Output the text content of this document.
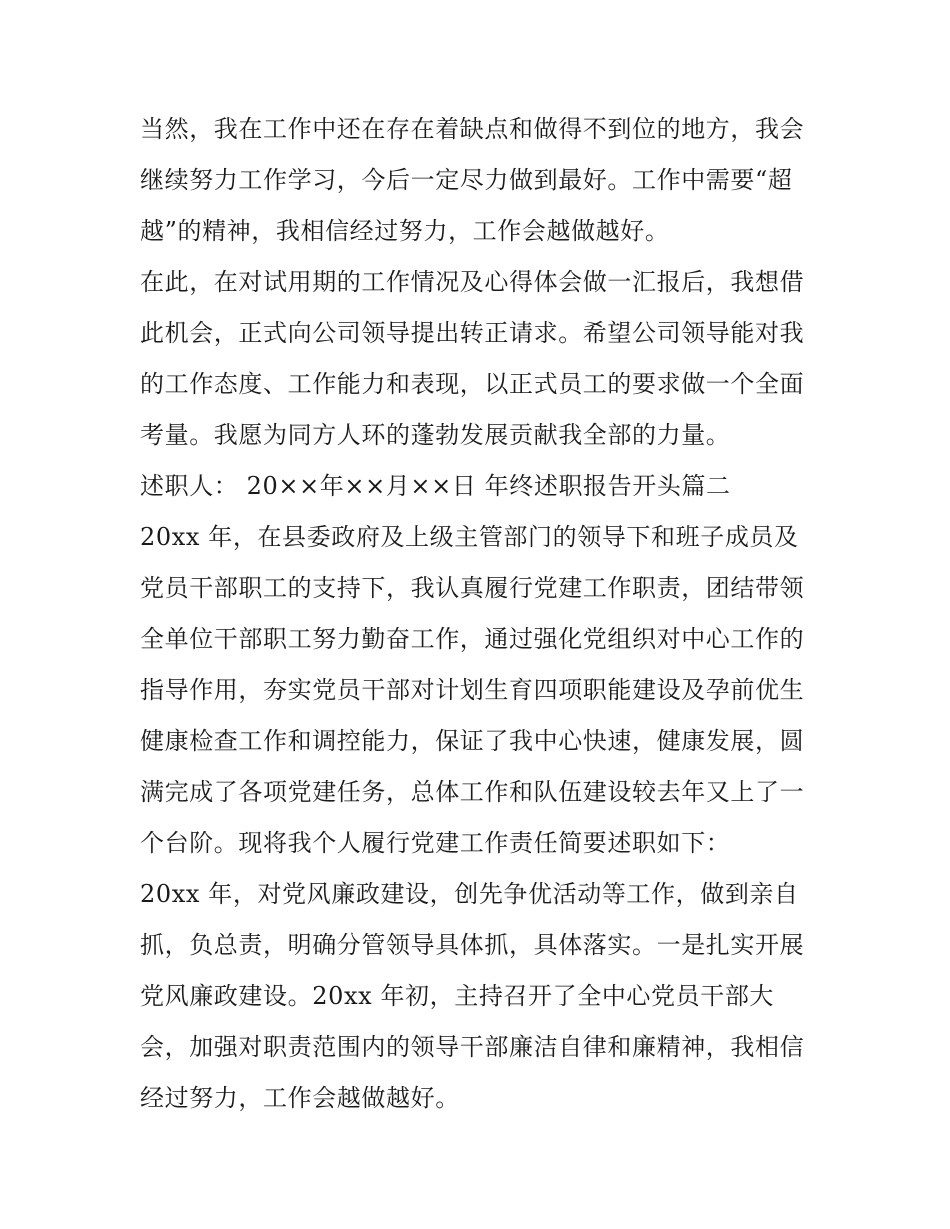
当然，我在工作中还在存在着缺点和做得不到位的地方，我会
继续努力工作学习，今后一定尽力做到最好。工作中需要“超
越”的精神，我相信经过努力，工作会越做越好。
在此，在对试用期的工作情况及心得体会做一汇报后，我想借
此机会，正式向公司领导提出转正请求。希望公司领导能对我
的工作态度、工作能力和表现，以正式员工的要求做一个全面
考量。我愿为同方人环的蓬勃发展贡献我全部的力量。
述职人： 20××年××月××日 年终述职报告开头篇二
20xx 年，在县委政府及上级主管部门的领导下和班子成员及
党员干部职工的支持下，我认真履行党建工作职责，团结带领
全单位干部职工努力勤奋工作，通过强化党组织对中心工作的
指导作用，夯实党员干部对计划生育四项职能建设及孕前优生
健康检查工作和调控能力，保证了我中心快速，健康发展，圆
满完成了各项党建任务，总体工作和队伍建设较去年又上了一
个台阶。现将我个人履行党建工作责任简要述职如下：
20xx 年，对党风廉政建设，创先争优活动等工作，做到亲自
抓，负总责，明确分管领导具体抓，具体落实。一是扎实开展
党风廉政建设。20xx 年初，主持召开了全中心党员干部大
会，加强对职责范围内的领导干部廉洁自律和廉精神，我相信
经过努力，工作会越做越好。
